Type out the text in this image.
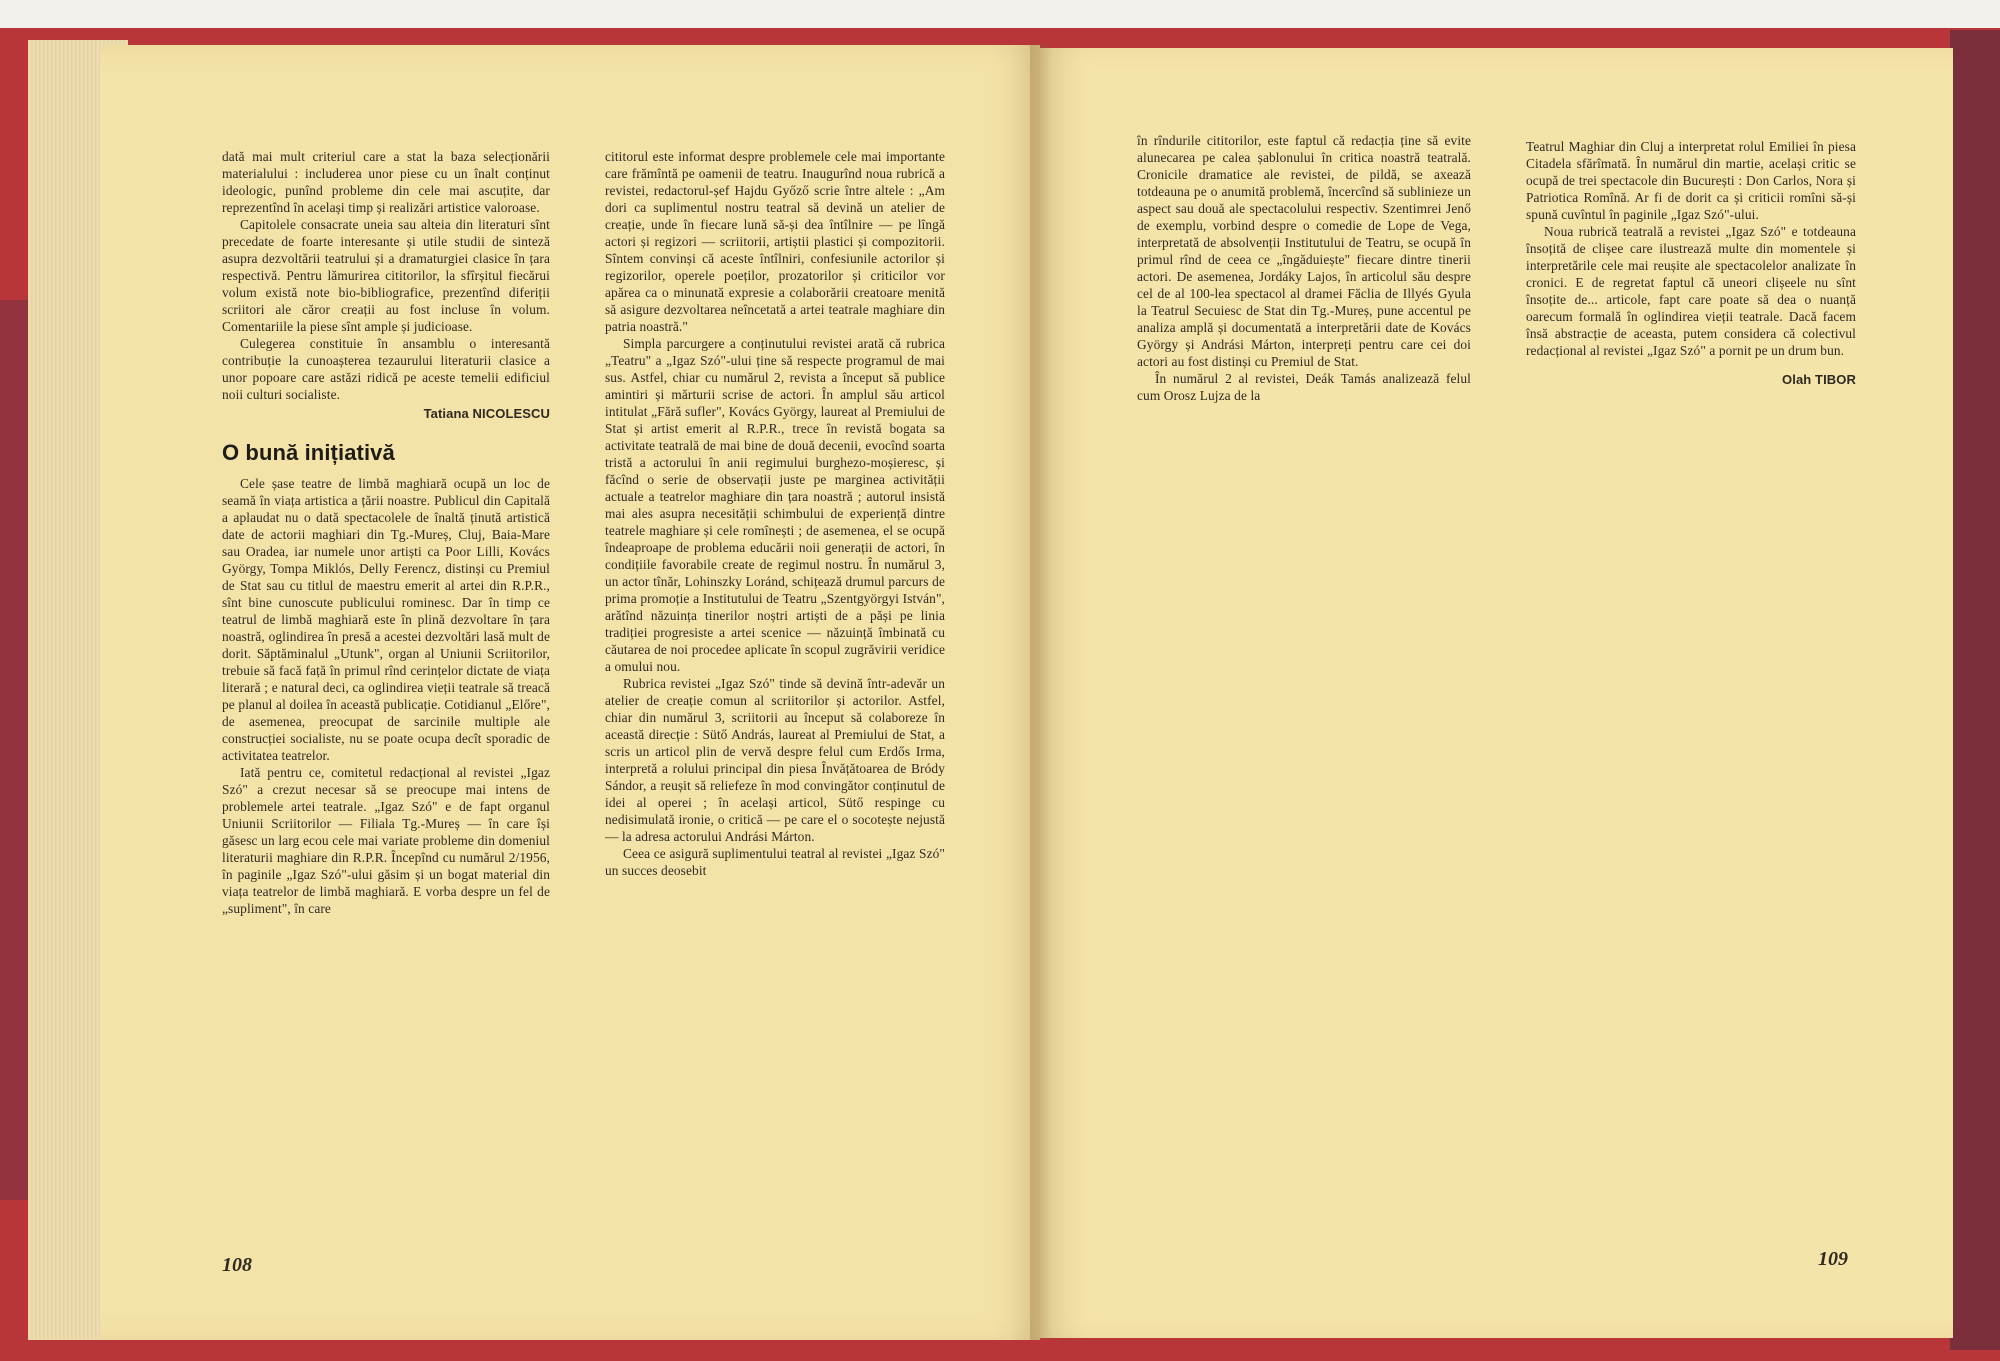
dată mai mult criteriul care a stat la baza selecționării materialului : includerea unor piese cu un înalt conținut ideologic, punînd probleme din cele mai ascuțite, dar reprezentînd în același timp și realizări artistice valoroase.

Capitolele consacrate uneia sau alteia din literaturi sînt precedate de foarte interesante și utile studii de sinteză asupra dezvoltării teatrului și a dramaturgiei clasice în țara respectivă. Pentru lămurirea cititorilor, la sfîrșitul fiecărui volum există note bio-bibliografice, prezentînd diferiții scriitori ale căror creații au fost incluse în volum. Comentariile la piese sînt ample și judicioase.

Culegerea constituie în ansamblu o interesantă contribuție la cunoașterea tezaurului literaturii clasice a unor popoare care astăzi ridică pe aceste temelii edificiul noii culturi socialiste.

Tatiana NICOLESCU
O bună inițiativă

Cele șase teatre de limbă maghiară ocupă un loc de seamă în viața artistica a țării noastre. Publicul din Capitală a aplaudat nu o dată spectacolele de înaltă ținută artistică date de actorii maghiari din Tg.-Mureș, Cluj, Baia-Mare sau Oradea, iar numele unor artiști ca Poor Lilli, Kovács György, Tompa Miklós, Delly Ferencz, distinși cu Premiul de Stat sau cu titlul de maestru emerit al artei din R.P.R., sînt bine cunoscute publicului rominesc. Dar în timp ce teatrul de limbă maghiară este în plină dezvoltare în țara noastră, oglindirea în presă a acestei dezvoltări lasă mult de dorit. Săptăminalul „Utunk", organ al Uniunii Scriitorilor, trebuie să facă față în primul rînd cerințelor dictate de viața literară ; e natural deci, ca oglindirea vieții teatrale să treacă pe planul al doilea în această publicație. Cotidianul „Előre", de asemenea, preocupat de sarcinile multiple ale construcției socialiste, nu se poate ocupa decît sporadic de activitatea teatrelor.

Iată pentru ce, comitetul redacțional al revistei „Igaz Szó" a crezut necesar să se preocupe mai intens de problemele artei teatrale. „Igaz Szó" e de fapt organul Uniunii Scriitorilor — Filiala Tg.-Mureș — în care își găsesc un larg ecou cele mai variate probleme din domeniul literaturii maghiare din R.P.R. Începînd cu numărul 2/1956, în paginile „Igaz Szó"-ului găsim și un bogat material din viața teatrelor de limbă maghiară. E vorba despre un fel de „supliment", în care

cititorul este informat despre problemele cele mai importante care frămîntă pe oamenii de teatru. Inaugurînd noua rubrică a revistei, redactorul-șef Hajdu Győző scrie între altele : „Am dori ca suplimentul nostru teatral să devină un atelier de creație, unde în fiecare lună să-și dea întîlnire — pe lîngă actori și regizori — scriitorii, artiștii plastici și compozitorii. Sîntem convinși că aceste întîlniri, confesiunile actorilor și regizorilor, operele poeților, prozatorilor și criticilor vor apărea ca o minunată expresie a colaborării creatoare menită să asigure dezvoltarea neîncetată a artei teatrale maghiare din patria noastră."

Simpla parcurgere a conținutului revistei arată că rubrica „Teatru" a „Igaz Szó"-ului ține să respecte programul de mai sus. Astfel, chiar cu numărul 2, revista a început să publice amintiri și mărturii scrise de actori. În amplul său articol intitulat „Fără sufler", Kovács György, laureat al Premiului de Stat și artist emerit al R.P.R., trece în revistă bogata sa activitate teatrală de mai bine de două decenii, evocînd soarta tristă a actorului în anii regimului burghezo-moșieresc, și făcînd o serie de observații juste pe marginea activității actuale a teatrelor maghiare din țara noastră ; autorul insistă mai ales asupra necesității schimbului de experiență dintre teatrele maghiare și cele romînești ; de asemenea, el se ocupă îndeaproape de problema educării noii generații de actori, în condițiile favorabile create de regimul nostru. În numărul 3, un actor tînăr, Lohinszky Loránd, schițează drumul parcurs de prima promoție a Institutului de Teatru „Szentgyörgyi István", arătînd năzuința tinerilor noștri artiști de a păși pe linia tradiției progresiste a artei scenice — năzuință îmbinată cu căutarea de noi procedee aplicate în scopul zugrăvirii veridice a omului nou.

Rubrica revistei „Igaz Szó" tinde să devină într-adevăr un atelier de creație comun al scriitorilor și actorilor. Astfel, chiar din numărul 3, scriitorii au început să colaboreze în această direcție : Sütő András, laureat al Premiului de Stat, a scris un articol plin de vervă despre felul cum Erdős Irma, interpretă a rolului principal din piesa Învățătoarea de Bródy Sándor, a reușit să reliefeze în mod convingător conținutul de idei al operei ; în același articol, Sütő respinge cu nedisimulată ironie, o critică — pe care el o socotește nejustă — la adresa actorului Andrási Márton.

Ceea ce asigură suplimentului teatral al revistei „Igaz Szó" un succes deosebit

108

în rîndurile cititorilor, este faptul că redacția ține să evite alunecarea pe calea șablonului în critica noastră teatrală. Cronicile dramatice ale revistei, de pildă, se axează totdeauna pe o anumită problemă, încercînd să sublinieze un aspect sau două ale spectacolului respectiv. Szentimrei Jenő de exemplu, vorbind despre o comedie de Lope de Vega, interpretată de absolvenții Institutului de Teatru, se ocupă în primul rînd de ceea ce „îngăduiește" fiecare dintre tinerii actori. De asemenea, Jordáky Lajos, în articolul său despre cel de al 100-lea spectacol al dramei Făclia de Illyés Gyula la Teatrul Secuiesc de Stat din Tg.-Mureș, pune accentul pe analiza amplă și documentată a interpretării date de Kovács György și Andrási Márton, interpreți pentru care cei doi actori au fost distinși cu Premiul de Stat.

În numărul 2 al revistei, Deák Tamás analizează felul cum Orosz Lujza de la

Teatrul Maghiar din Cluj a interpretat rolul Emiliei în piesa Citadela sfărîmată. În numărul din martie, același critic se ocupă de trei spectacole din București : Don Carlos, Nora și Patriotica Romînă. Ar fi de dorit ca și criticii romîni să-și spună cuvîntul în paginile „Igaz Szó"-ului.

Noua rubrică teatrală a revistei „Igaz Szó" e totdeauna însoțită de clișee care ilustrează multe din momentele și interpretările cele mai reușite ale spectacolelor analizate în cronici. E de regretat faptul că uneori clișeele nu sînt însoțite de... articole, fapt care poate să dea o nuanță oarecum formală în oglindirea vieții teatrale. Dacă facem însă abstracție de aceasta, putem considera că colectivul redacțional al revistei „Igaz Szó" a pornit pe un drum bun.

Olah TIBOR
109
